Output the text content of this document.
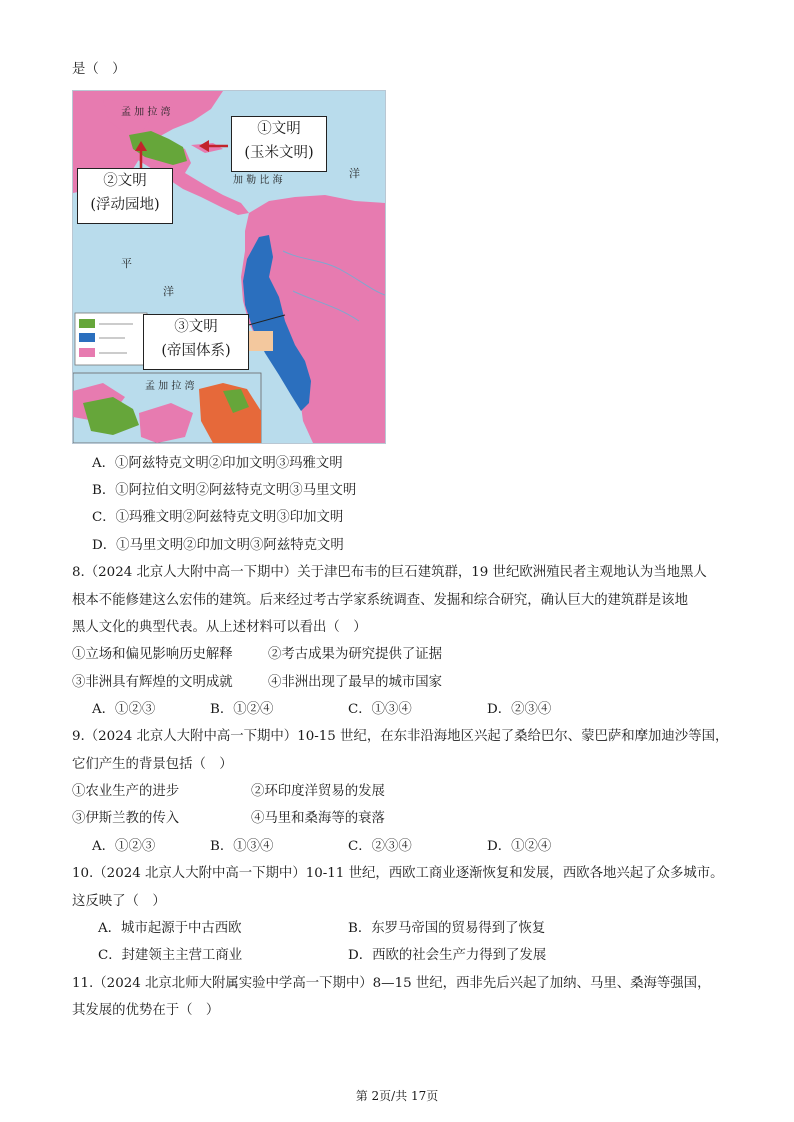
是（　）
孟 加 拉 湾
加 勒 比 海
洋
平
洋
孟 加 拉 湾
①文明
(玉米文明)
②文明
(浮动园地)
③文明
(帝国体系)
A．①阿兹特克文明②印加文明③玛雅文明
B．①阿拉伯文明②阿兹特克文明③马里文明
C．①玛雅文明②阿兹特克文明③印加文明
D．①马里文明②印加文明③阿兹特克文明
8.（2024 北京人大附中高一下期中）关于津巴布韦的巨石建筑群，19 世纪欧洲殖民者主观地认为当地黑人
根本不能修建这么宏伟的建筑。后来经过考古学家系统调查、发掘和综合研究，确认巨大的建筑群是该地
黑人文化的典型代表。从上述材料可以看出（　）
①立场和偏见影响历史解释	②考古成果为研究提供了证据
③非洲具有辉煌的文明成就	④非洲出现了最早的城市国家
A．①②③	B．①②④	C．①③④	D．②③④
9.（2024 北京人大附中高一下期中）10-15 世纪，在东非沿海地区兴起了桑给巴尔、蒙巴萨和摩加迪沙等国，
它们产生的背景包括（　）
①农业生产的进步	②环印度洋贸易的发展
③伊斯兰教的传入	④马里和桑海等的衰落
A．①②③	B．①③④	C．②③④	D．①②④
10.（2024 北京人大附中高一下期中）10-11 世纪，西欧工商业逐渐恢复和发展，西欧各地兴起了众多城市。
这反映了（　）
A．城市起源于中古西欧	B．东罗马帝国的贸易得到了恢复
C．封建领主主营工商业	D．西欧的社会生产力得到了发展
11.（2024 北京北师大附属实验中学高一下期中）8—15 世纪，西非先后兴起了加纳、马里、桑海等强国，
其发展的优势在于（　）
第 2页/共 17页
